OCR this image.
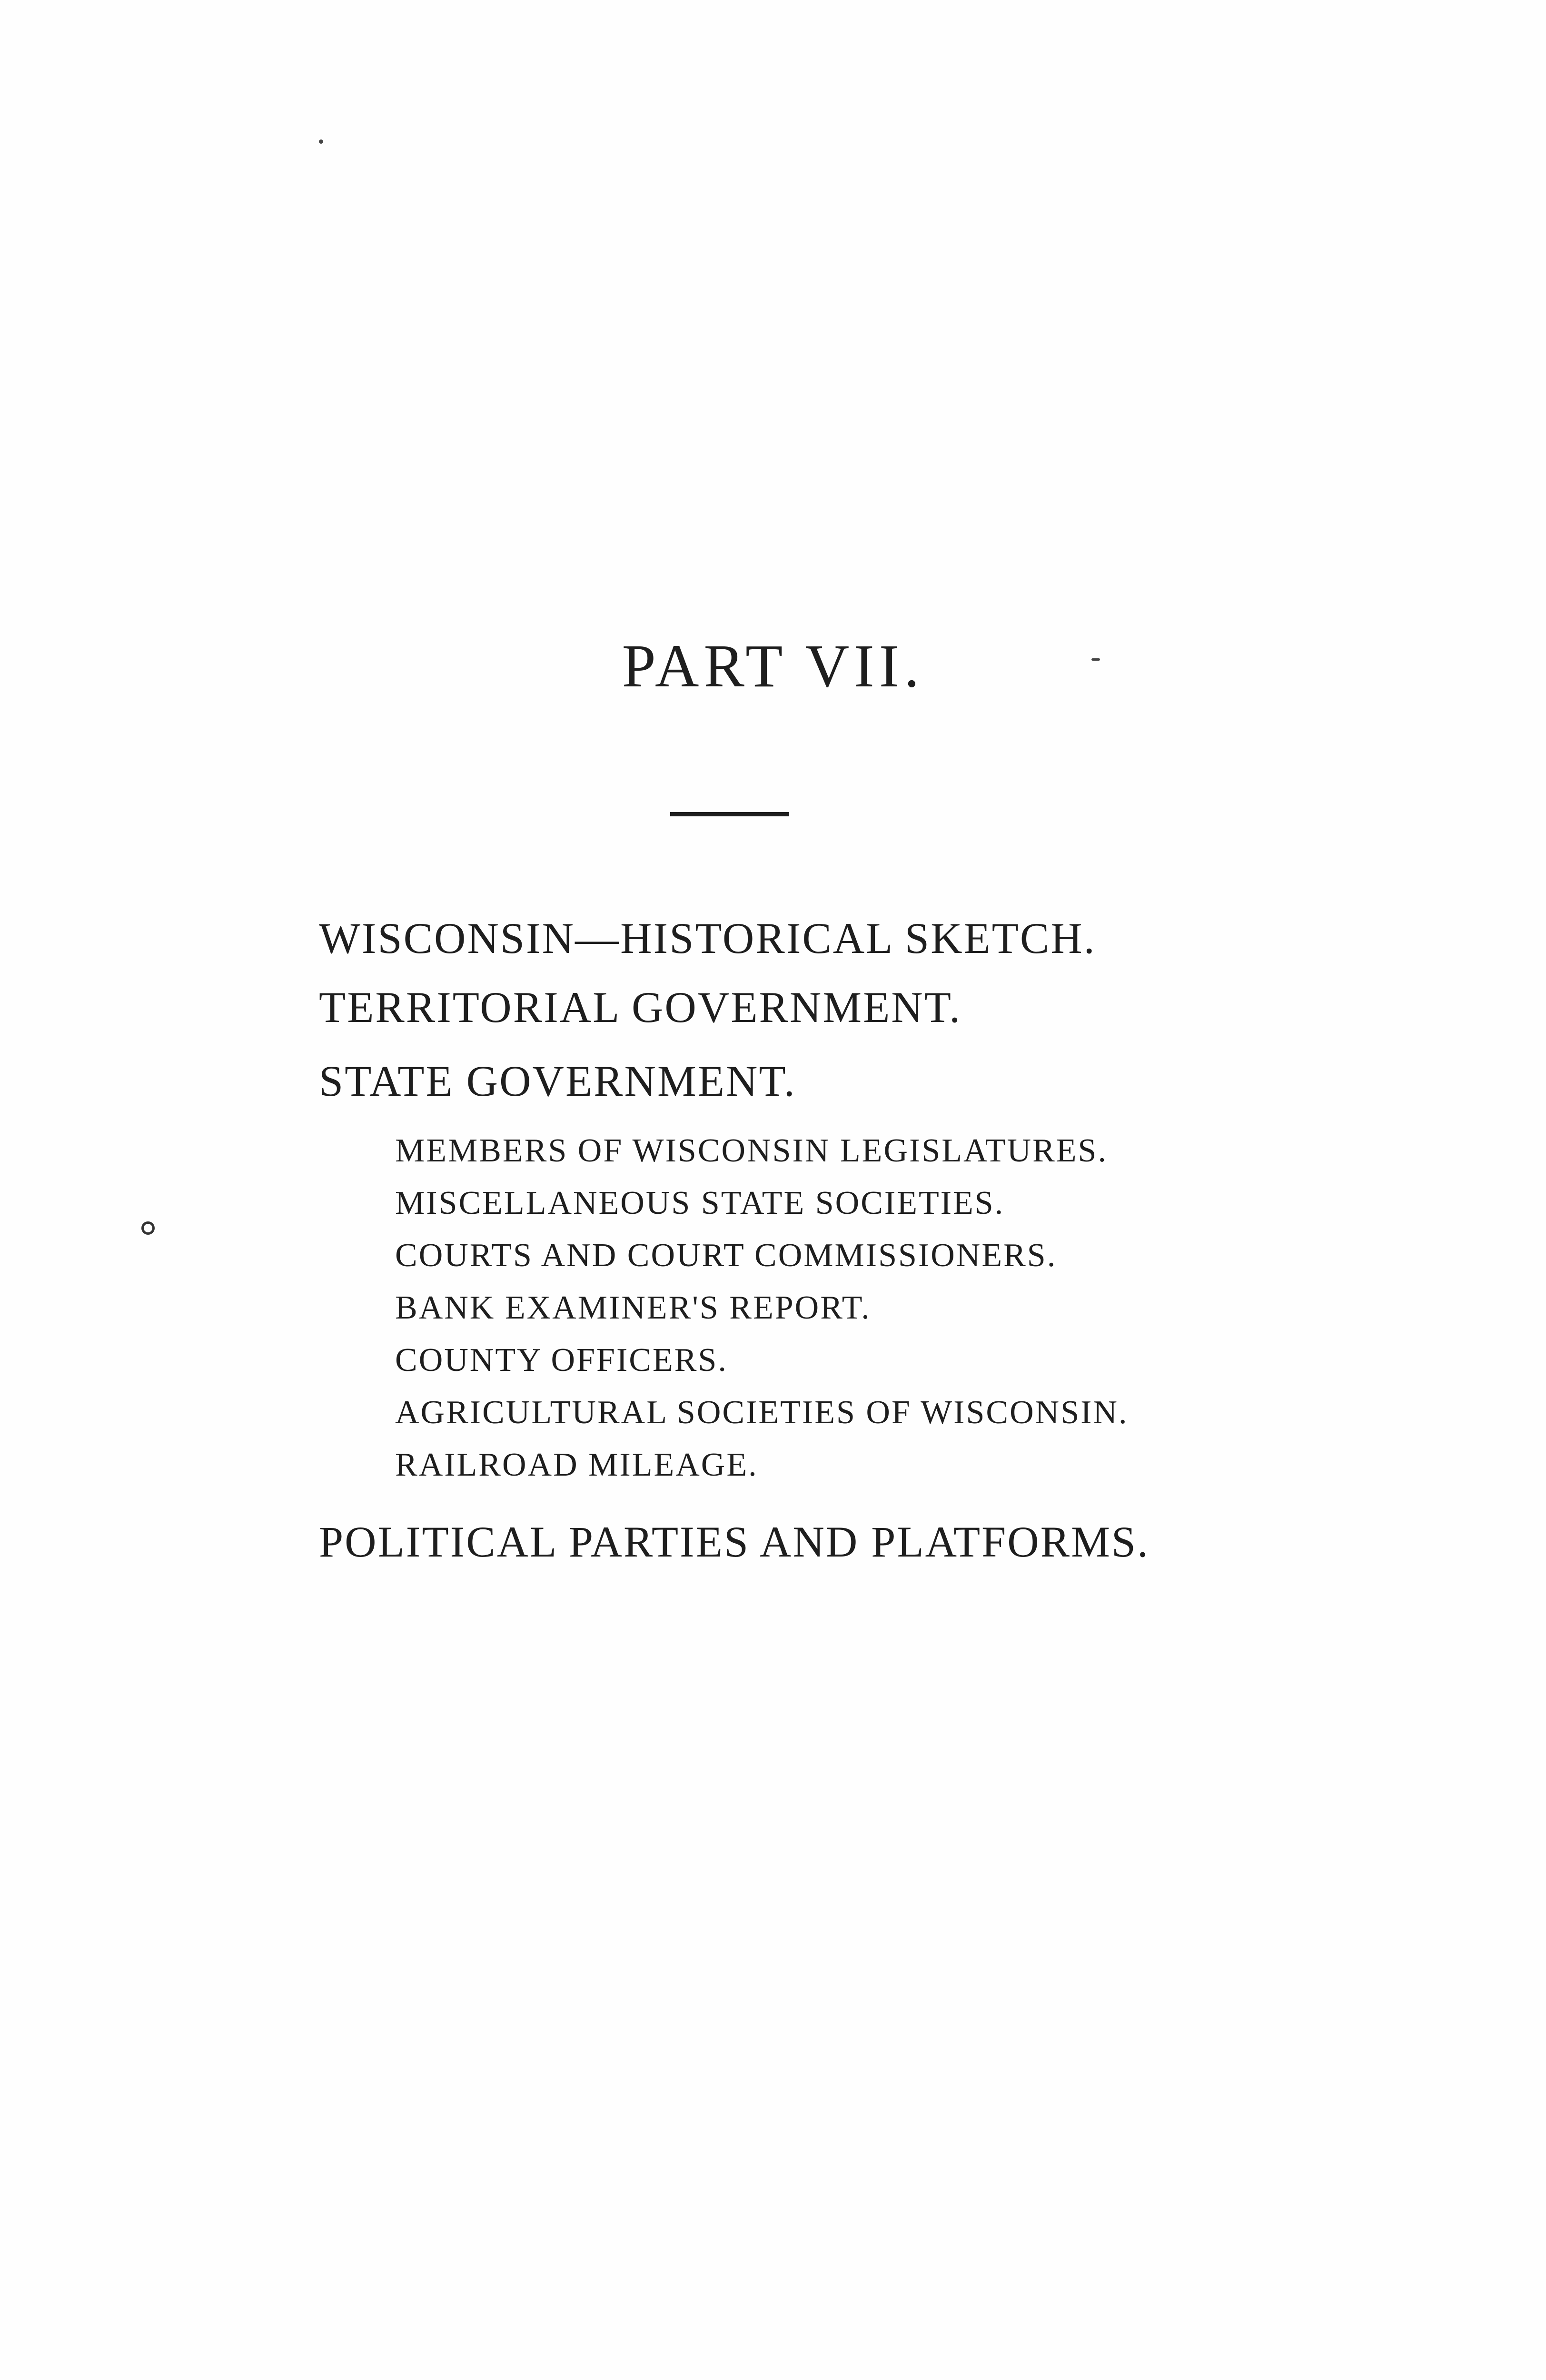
PART VII.
WISCONSIN—HISTORICAL SKETCH.
TERRITORIAL GOVERNMENT.
STATE GOVERNMENT.
MEMBERS OF WISCONSIN LEGISLATURES.
MISCELLANEOUS STATE SOCIETIES.
COURTS AND COURT COMMISSIONERS.
BANK EXAMINER'S REPORT.
COUNTY OFFICERS.
AGRICULTURAL SOCIETIES OF WISCONSIN.
RAILROAD MILEAGE.
POLITICAL PARTIES AND PLATFORMS.
